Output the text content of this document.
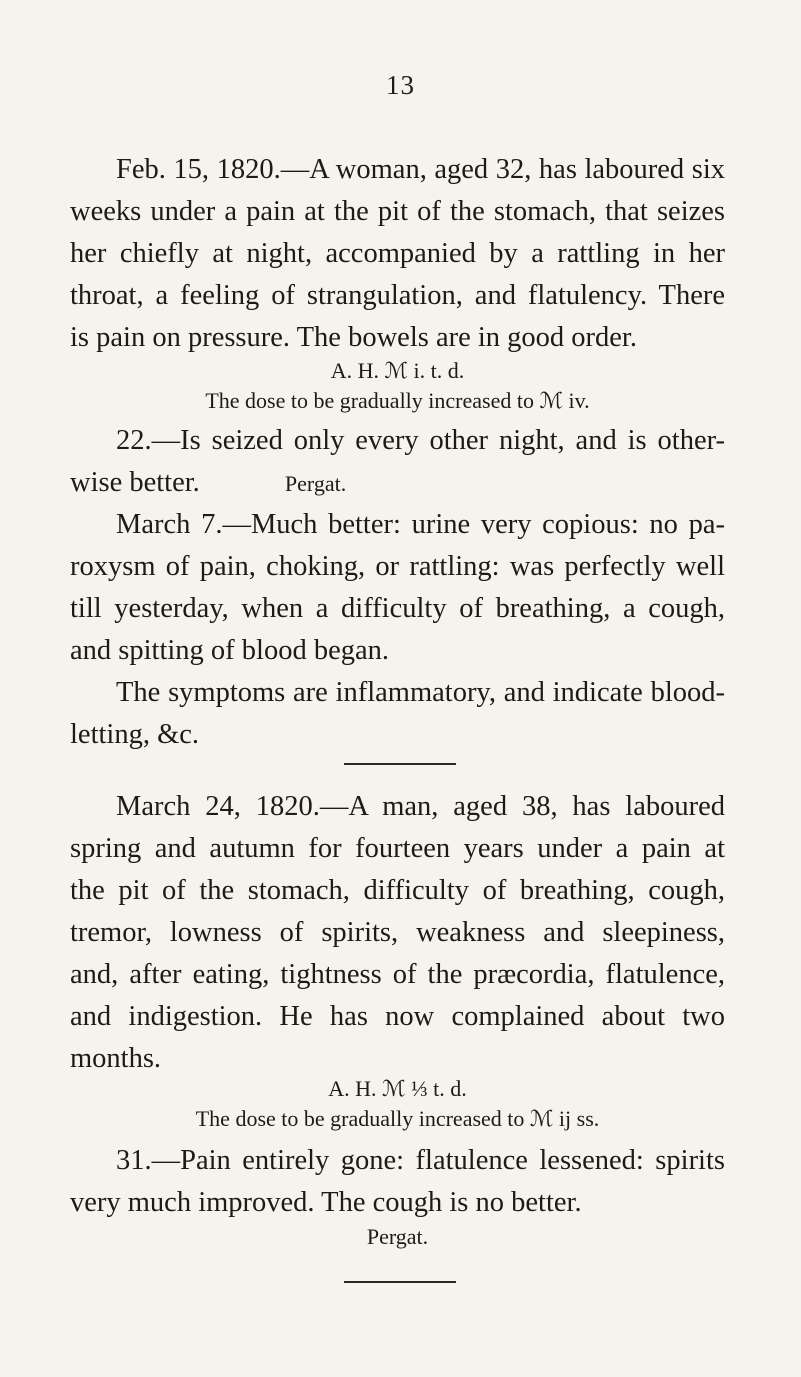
13
Feb. 15, 1820.—A woman, aged 32, has laboured six
weeks under a pain at the pit of the stomach, that seizes
her chiefly at night, accompanied by a rattling in her
throat, a feeling of strangulation, and flatulency. There
is pain on pressure. The bowels are in good order.
A. H. ℳ i. t. d.
The dose to be gradually increased to ℳ iv.
22.—Is seized only every other night, and is other-
wise better.	Pergat.
March 7.—Much better: urine very copious: no pa-
roxysm of pain, choking, or rattling: was perfectly well
till yesterday, when a difficulty of breathing, a cough,
and spitting of blood began.
The symptoms are inflammatory, and indicate blood-
letting, &c.
March 24, 1820.—A man, aged 38, has laboured
spring and autumn for fourteen years under a pain at
the pit of the stomach, difficulty of breathing, cough,
tremor, lowness of spirits, weakness and sleepiness,
and, after eating, tightness of the præcordia, flatulence,
and indigestion. He has now complained about two
months.
A. H. ℳ ⅓ t. d.
The dose to be gradually increased to ℳ ij ss.
31.—Pain entirely gone: flatulence lessened: spirits
very much improved. The cough is no better.
Pergat.
